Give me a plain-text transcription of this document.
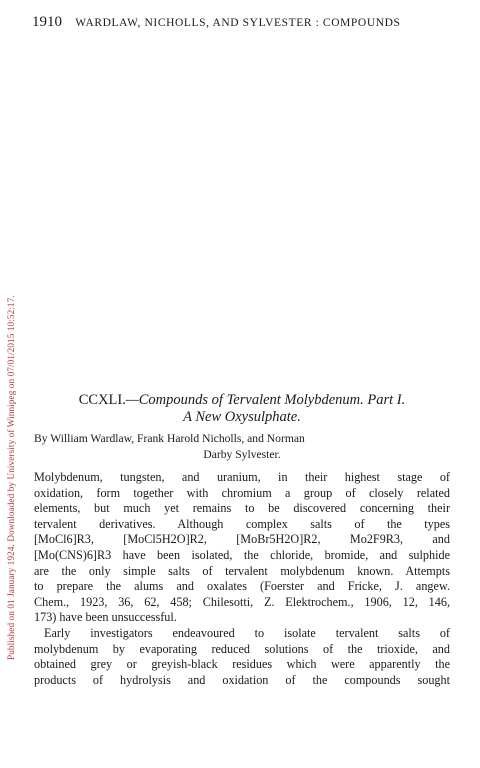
1910 WARDLAW, NICHOLLS, AND SYLVESTER : COMPOUNDS
Published on 01 January 1924. Downloaded by University of Winnipeg on 07/01/2015 10:52:17.	CCXLI.—Compounds of Tervalent Molybdenum. Part I.
A New Oxysulphate.
By William Wardlaw, Frank Harold Nicholls, and Norman
Darby Sylvester.
Molybdenum, tungsten, and uranium, in their highest stage of
oxidation, form together with chromium a group of closely related
elements, but much yet remains to be discovered concerning their
tervalent derivatives. Although complex salts of the types
[MoCl6]R3, [MoCl5H2O]R2, [MoBr5H2O]R2, Mo2F9R3, and
[Mo(CNS)6]R3 have been isolated, the chloride, bromide, and sulphide
are the only simple salts of tervalent molybdenum known. Attempts
to prepare the alums and oxalates (Foerster and Fricke, J. angew.
Chem., 1923, 36, 62, 458; Chilesotti, Z. Elektrochem., 1906, 12, 146,
173) have been unsuccessful.
Early investigators endeavoured to isolate tervalent salts of
molybdenum by evaporating reduced solutions of the trioxide, and
obtained grey or greyish-black residues which were apparently the
products of hydrolysis and oxidation of the compounds sought
